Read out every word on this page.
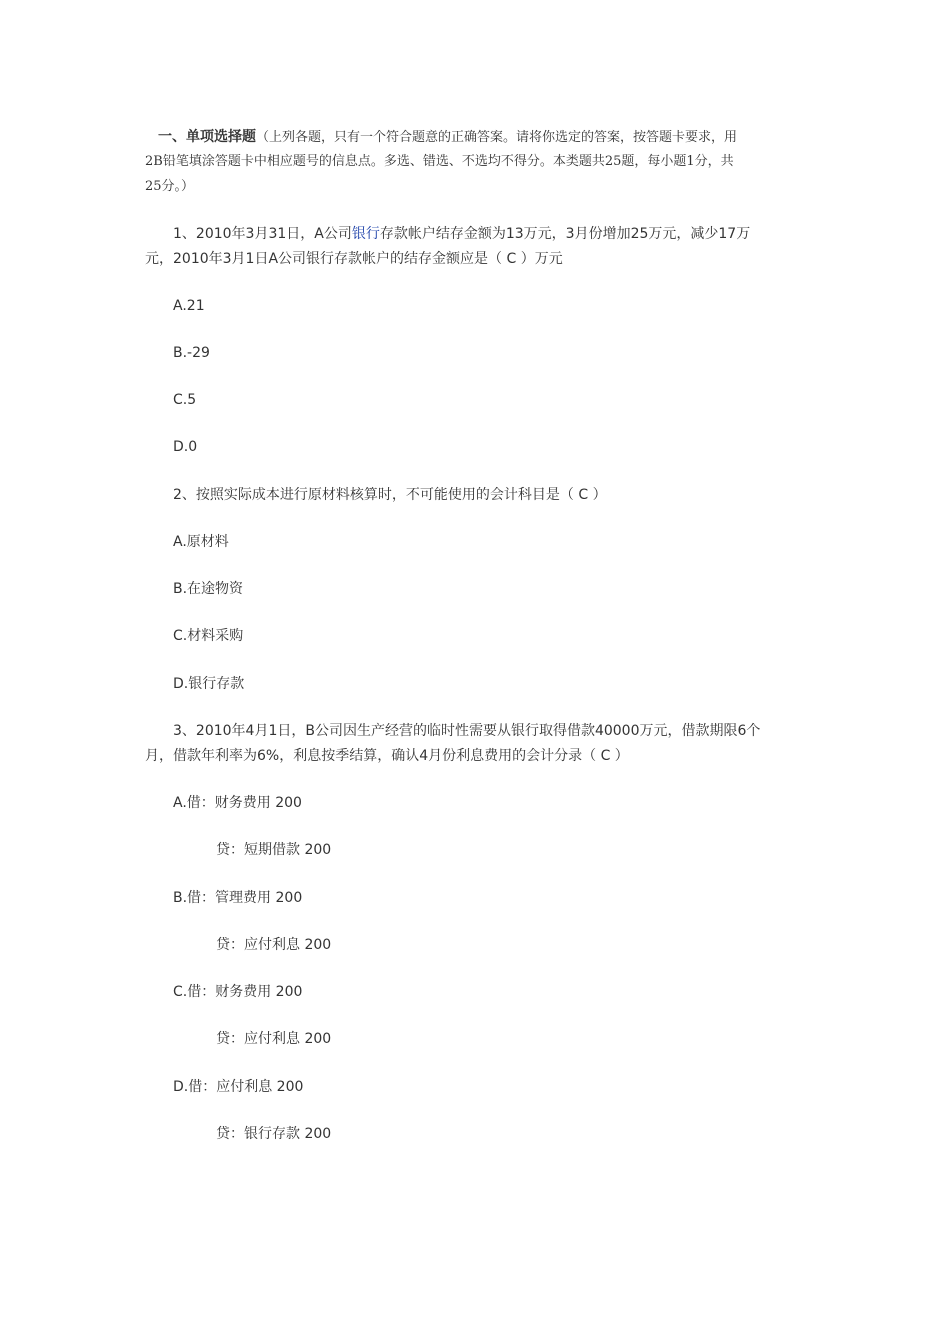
一、单项选择题（上列各题，只有一个符合题意的正确答案。请将你选定的答案，按答题卡要求，用
2B铅笔填涂答题卡中相应题号的信息点。多选、错选、不选均不得分。本类题共25题，每小题1分，共
25分。）
1、2010年3月31日，A公司银行存款帐户结存金额为13万元，3月份增加25万元，减少17万
元，2010年3月1日A公司银行存款帐户的结存金额应是（ C ）万元
A.21
B.-29
C.5
D.0
2、按照实际成本进行原材料核算时，不可能使用的会计科目是（ C ）
A.原材料
B.在途物资
C.材料采购
D.银行存款
3、2010年4月1日，B公司因生产经营的临时性需要从银行取得借款40000万元，借款期限6个
月，借款年利率为6%，利息按季结算，确认4月份利息费用的会计分录（ C ）
A.借：财务费用 200
贷：短期借款 200
B.借：管理费用 200
贷：应付利息 200
C.借：财务费用 200
贷：应付利息 200
D.借：应付利息 200
贷：银行存款 200
